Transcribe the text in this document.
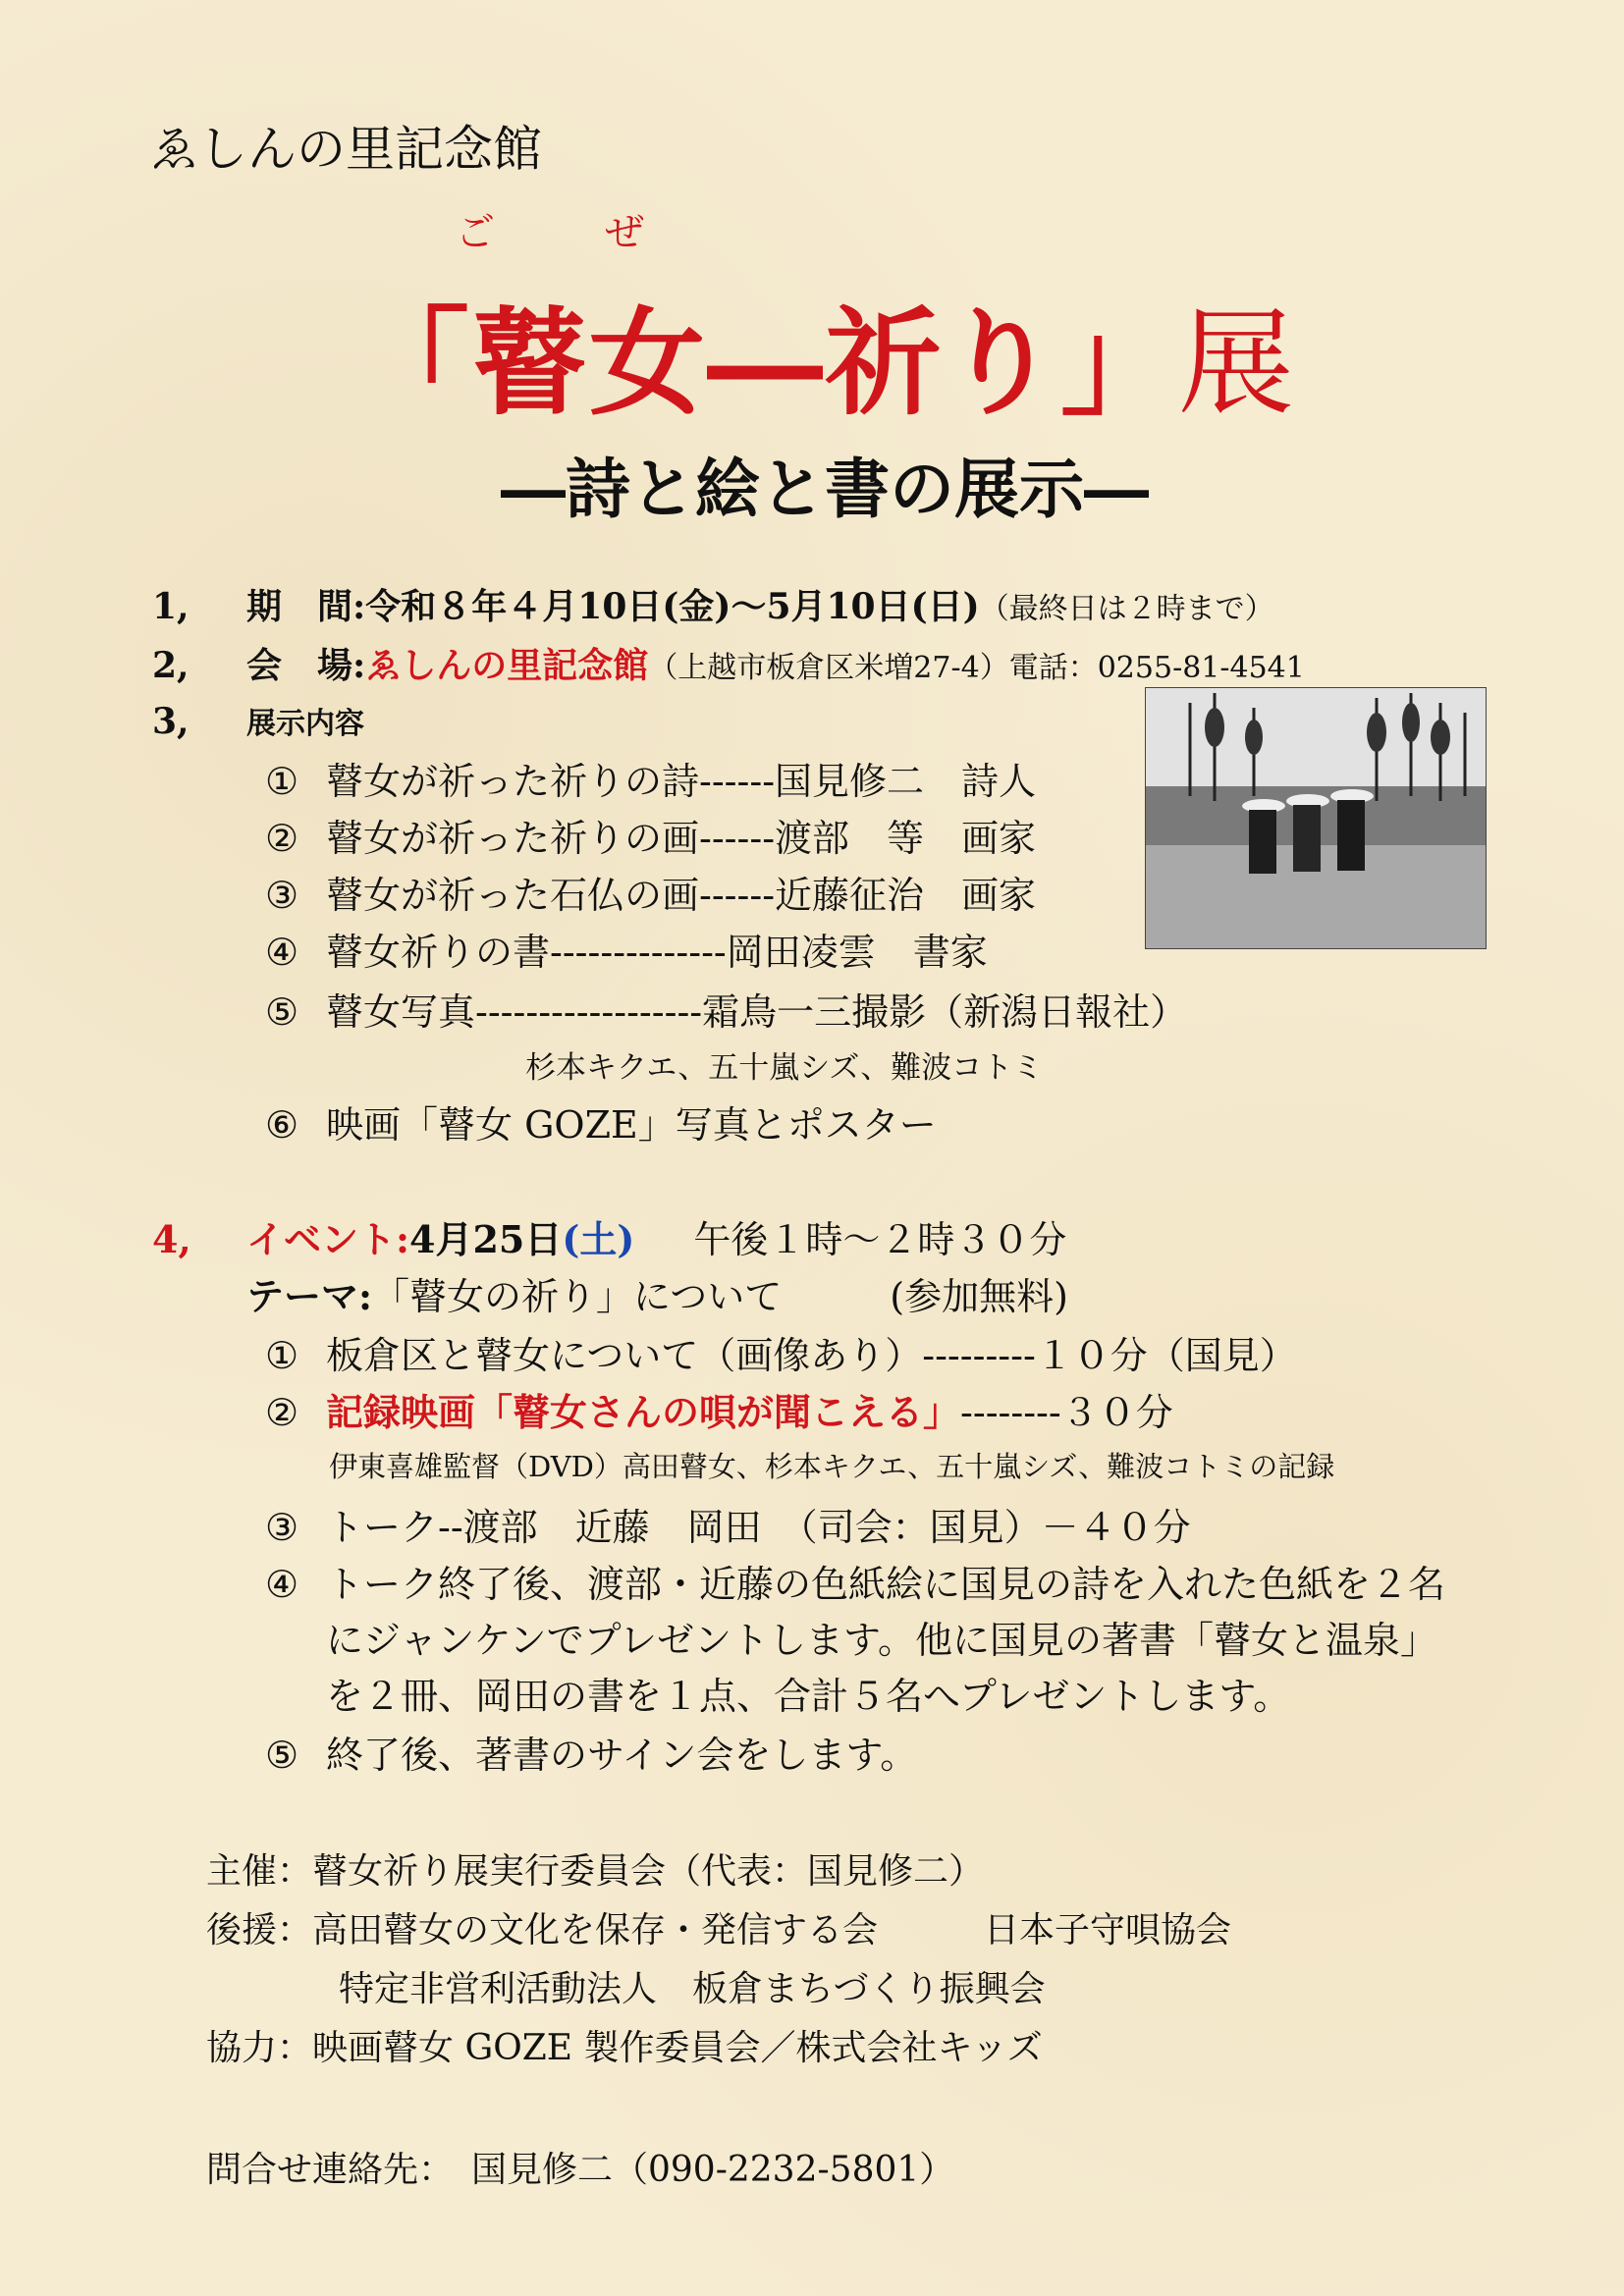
ゑしんの里記念館
ご	ぜ
「瞽女―祈り」展
―詩と絵と書の展示―
1, 期　間:令和８年４月10日(金)～5月10日(日)（最終日は２時まで）
2, 会　場:ゑしんの里記念館（上越市板倉区米増27-4）電話：0255-81-4541
3, 展示内容
① 瞽女が祈った祈りの詩------国見修二　詩人
② 瞽女が祈った祈りの画------渡部　等　画家
③ 瞽女が祈った石仏の画------近藤征治　画家
④ 瞽女祈りの書--------------岡田凌雲　書家
⑤ 瞽女写真------------------霜鳥一三撮影（新潟日報社）
杉本キクエ、五十嵐シズ、難波コトミ
⑥ 映画「瞽女 GOZE」写真とポスター
4, イベント:4月25日(土) 午後１時～２時３０分
テーマ:「瞽女の祈り」について	(参加無料)
① 板倉区と瞽女について（画像あり）---------１０分（国見）
② 記録映画「瞽女さんの唄が聞こえる」--------３０分
伊東喜雄監督（DVD）高田瞽女、杉本キクエ、五十嵐シズ、難波コトミの記録
③ トーク--渡部　近藤　岡田　（司会：国見）－４０分
④ トーク終了後、渡部・近藤の色紙絵に国見の詩を入れた色紙を２名
にジャンケンでプレゼントします。他に国見の著書「瞽女と温泉」
を２冊、岡田の書を１点、合計５名へプレゼントします。
⑤ 終了後、著書のサイン会をします。
主催：瞽女祈り展実行委員会（代表：国見修二）
後援：高田瞽女の文化を保存・発信する会　　　日本子守唄協会
特定非営利活動法人　板倉まちづくり振興会
協力：映画瞽女 GOZE 製作委員会／株式会社キッズ
問合せ連絡先：　国見修二（090-2232-5801）
